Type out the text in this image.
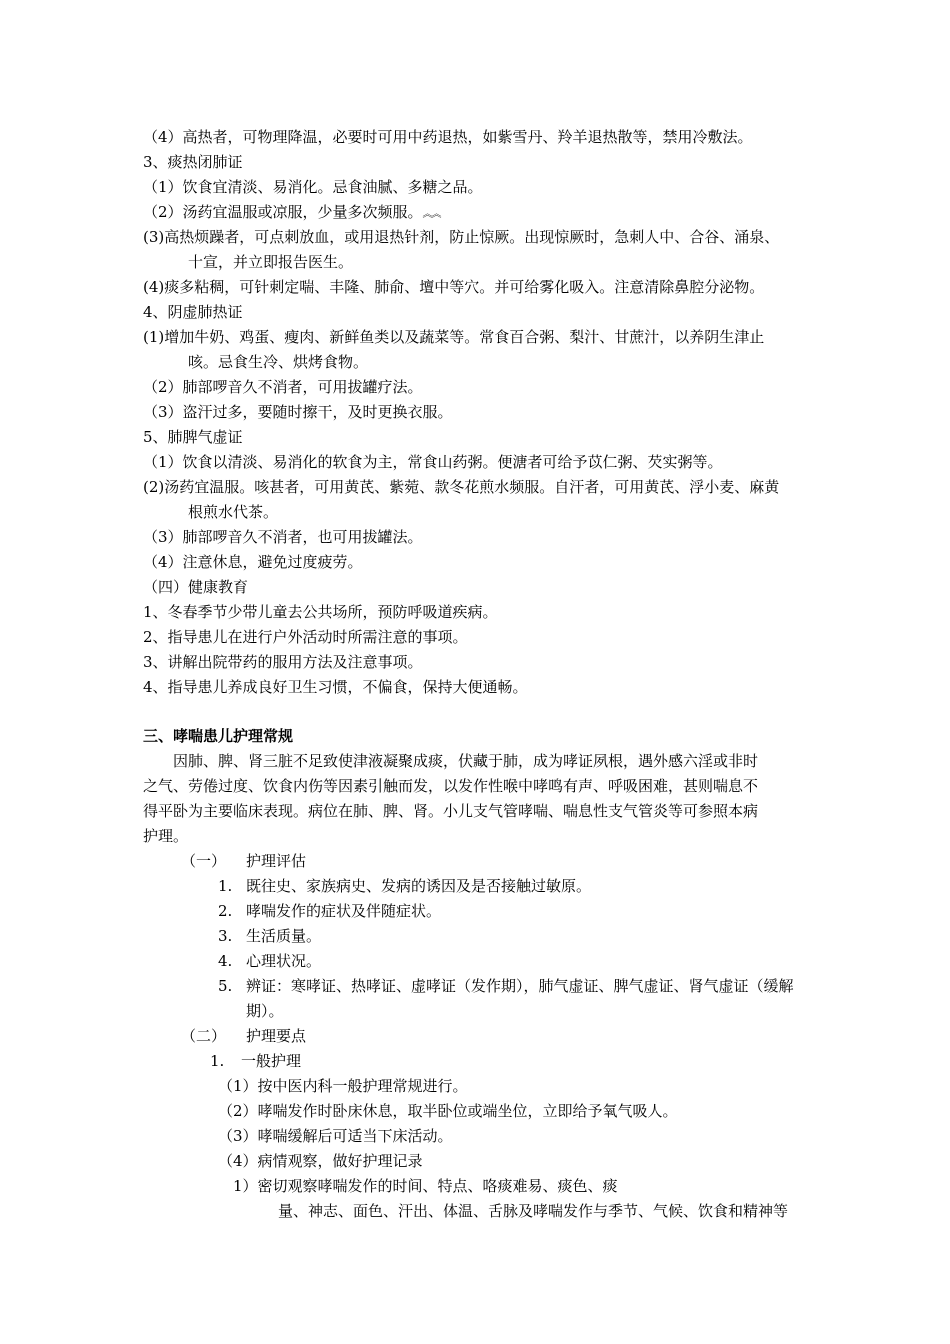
（4）高热者，可物理降温，必要时可用中药退热，如紫雪丹、羚羊退热散等，禁用冷敷法。
3、痰热闭肺证
（1）饮食宜清淡、易消化。忌食油腻、多糖之品。
（2）汤药宜温服或凉服，少量多次频服。︽︽
(3)高热烦躁者，可点刺放血，或用退热针剂，防止惊厥。出现惊厥时，急刺人中、合谷、涌泉、
十宣，并立即报告医生。
(4)痰多粘稠，可针刺定喘、丰隆、肺俞、壇中等穴。并可给雾化吸入。注意清除鼻腔分泌物。
4、阴虚肺热证
(1)增加牛奶、鸡蛋、瘦肉、新鲜鱼类以及蔬菜等。常食百合粥、梨汁、甘蔗汁，以养阴生津止
咳。忌食生冷、烘烤食物。
（2）肺部啰音久不消者，可用拔罐疗法。
（3）盗汗过多，要随时擦干，及时更换衣服。
5、肺脾气虚证
（1）饮食以清淡、易消化的软食为主，常食山药粥。便溏者可给予苡仁粥、芡实粥等。
(2)汤药宜温服。咳甚者，可用黄芪、紫菀、款冬花煎水频服。自汗者，可用黄芪、浮小麦、麻黄
根煎水代茶。
（3）肺部啰音久不消者，也可用拔罐法。
（4）注意休息，避免过度疲劳。
（四）健康教育
1、冬春季节少带儿童去公共场所，预防呼吸道疾病。
2、指导患儿在进行户外活动时所需注意的事项。
3、讲解出院带药的服用方法及注意事项。
4、指导患儿养成良好卫生习惯，不偏食，保持大便通畅。
三、哮喘患儿护理常规
因肺、脾、肾三脏不足致使津液凝聚成痰，伏藏于肺，成为哮证夙根，遇外感六淫或非时
之气、劳倦过度、饮食内伤等因素引触而发，以发作性喉中哮鸣有声、呼吸困难，甚则喘息不
得平卧为主要临床表现。病位在肺、脾、肾。小儿支气管哮喘、喘息性支气管炎等可参照本病
护理。
（一） 护理评估
1. 既往史、家族病史、发病的诱因及是否接触过敏原。
2. 哮喘发作的症状及伴随症状。
3. 生活质量。
4. 心理状况。
5. 辨证：寒哮证、热哮证、虚哮证（发作期），肺气虚证、脾气虚证、肾气虚证（缓解
期）。
（二） 护理要点
1. 一般护理
（1）按中医内科一般护理常规进行。
（2）哮喘发作时卧床休息，取半卧位或端坐位，立即给予氧气吸人。
（3）哮喘缓解后可适当下床活动。
（4）病情观察，做好护理记录
1）密切观察哮喘发作的时间、特点、咯痰难易、痰色、痰
量、神志、面色、汗出、体温、舌脉及哮喘发作与季节、气候、饮食和精神等
